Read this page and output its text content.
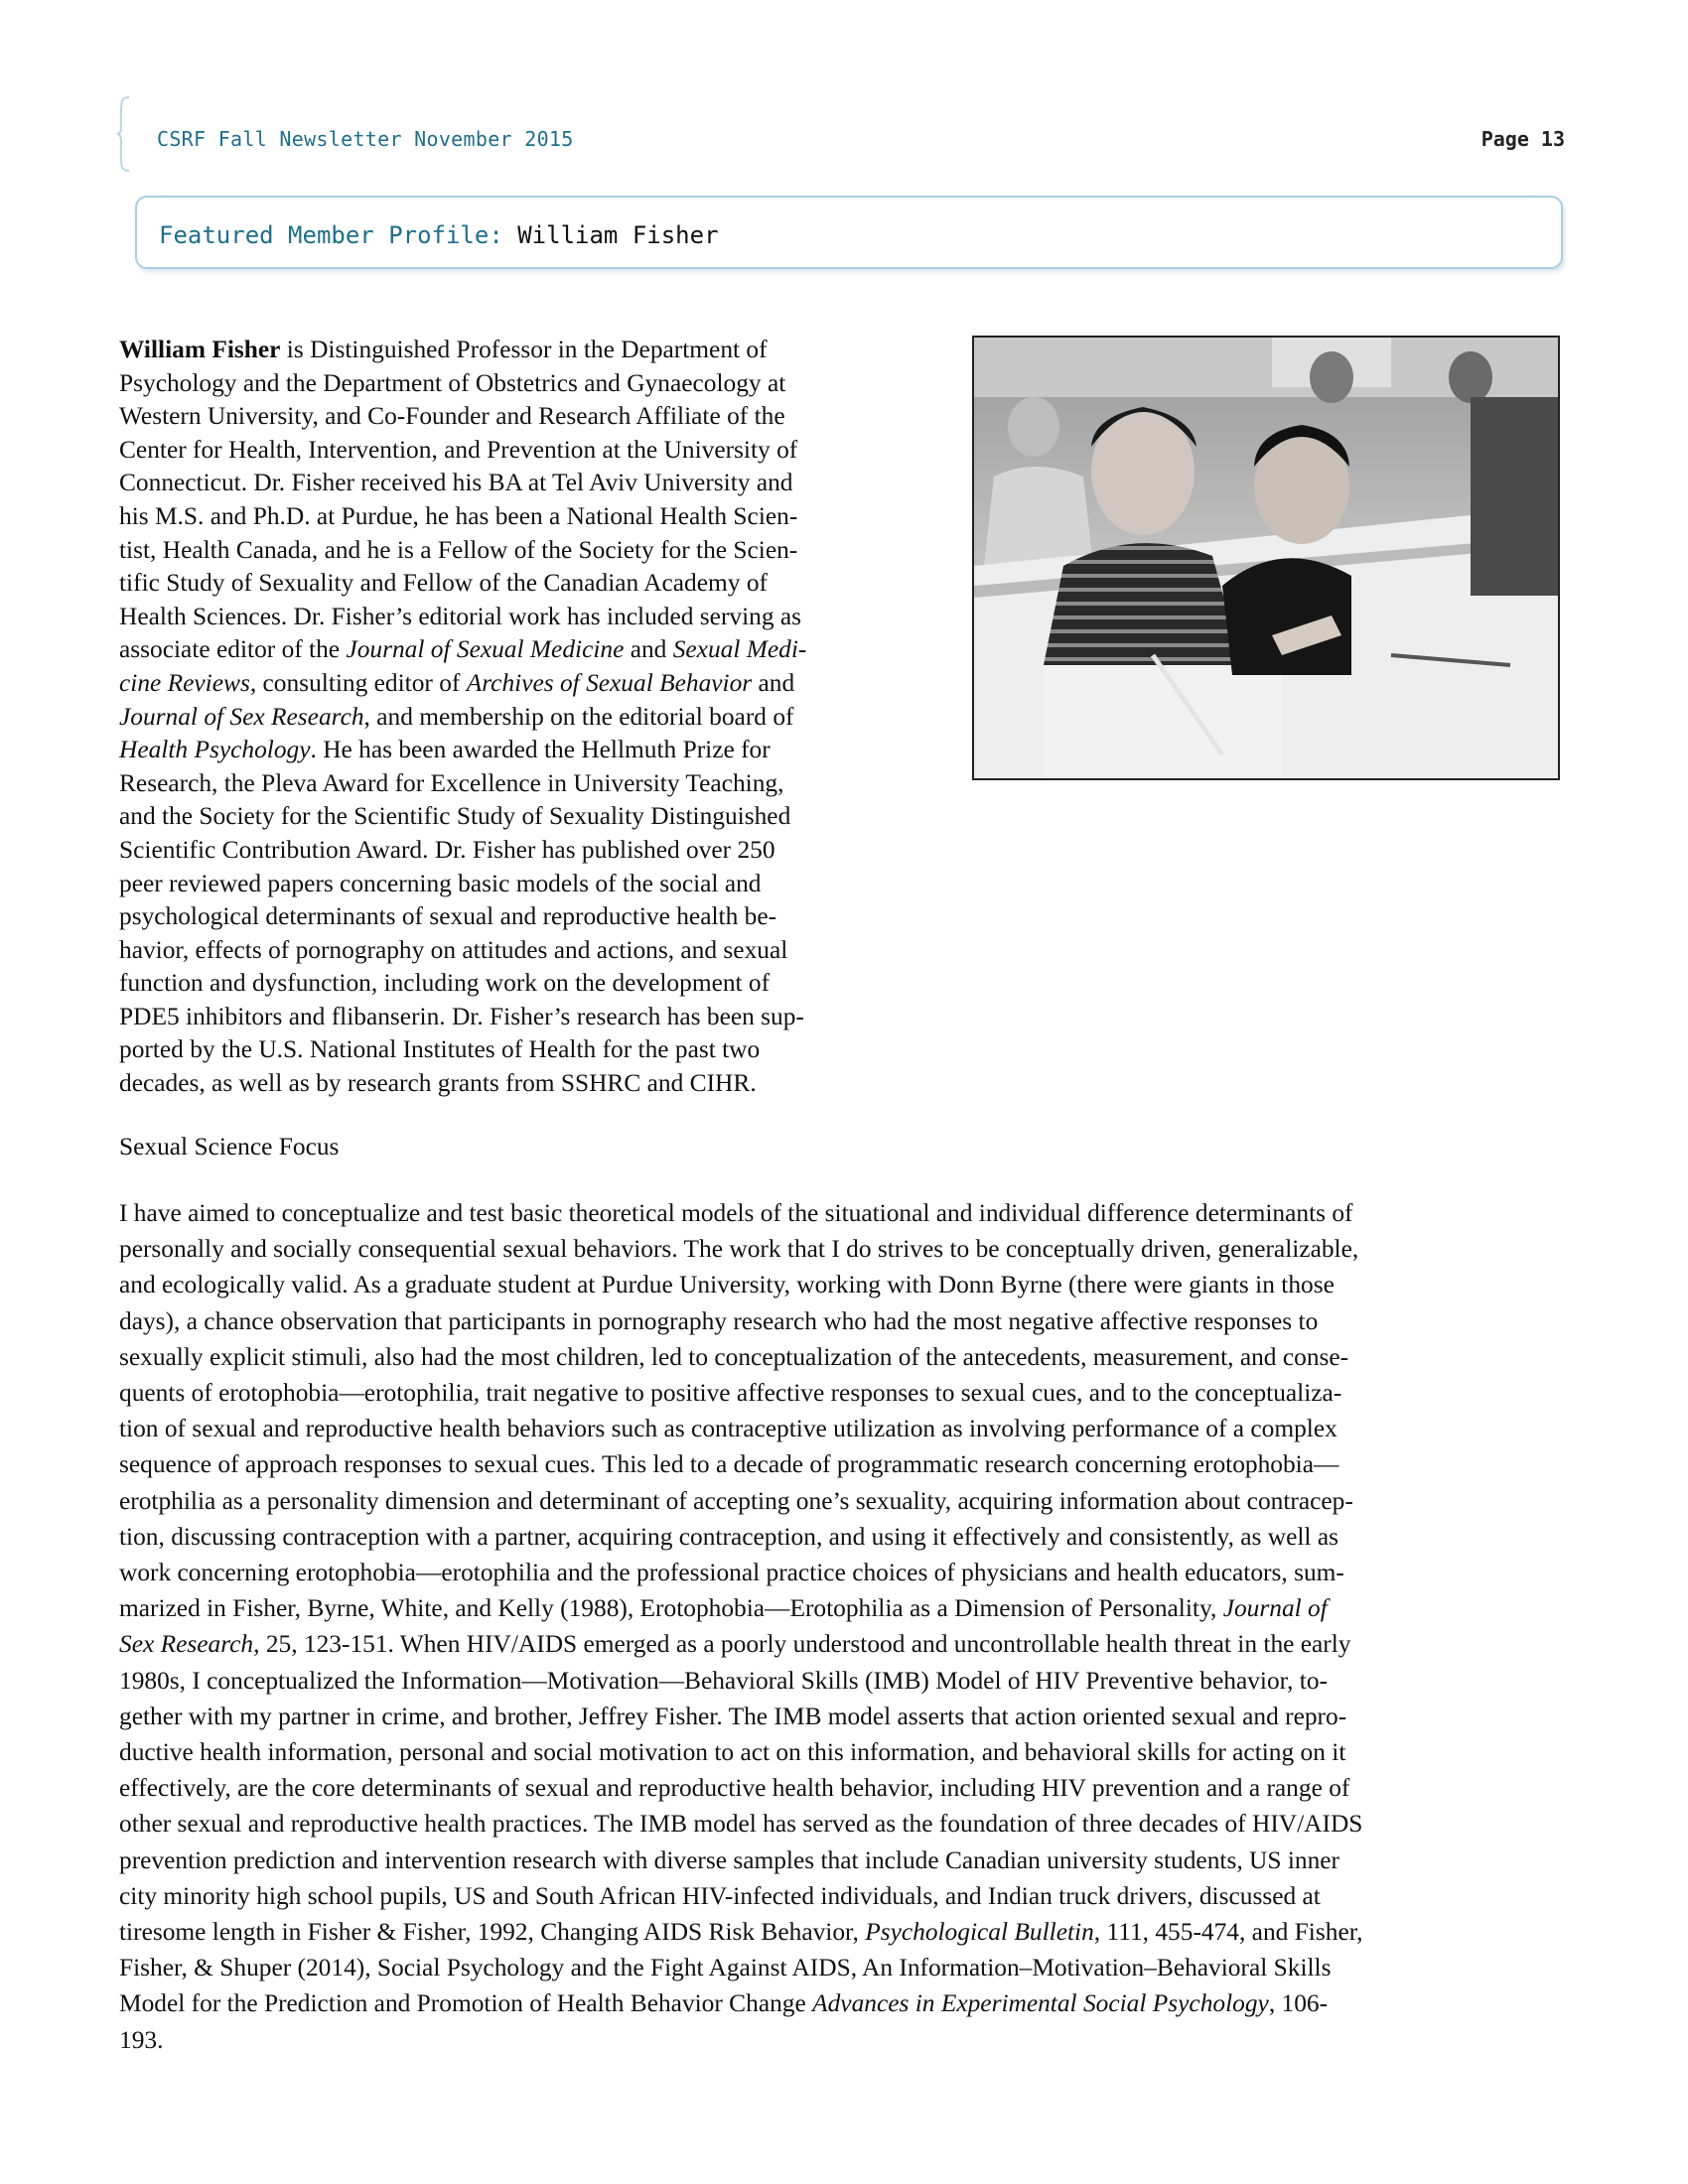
CSRF Fall Newsletter November 2015	Page 13
Featured Member Profile: William Fisher

William Fisher is Distinguished Professor in the Department of
Psychology and the Department of Obstetrics and Gynaecology at
Western University, and Co-Founder and Research Affiliate of the
Center for Health, Intervention, and Prevention at the University of
Connecticut. Dr. Fisher received his BA at Tel Aviv University and
his M.S. and Ph.D. at Purdue, he has been a National Health Scien-
tist, Health Canada, and he is a Fellow of the Society for the Scien-
tific Study of Sexuality and Fellow of the Canadian Academy of
Health Sciences. Dr. Fisher’s editorial work has included serving as
associate editor of the Journal of Sexual Medicine and Sexual Medi-
cine Reviews, consulting editor of Archives of Sexual Behavior and
Journal of Sex Research, and membership on the editorial board of
Health Psychology. He has been awarded the Hellmuth Prize for
Research, the Pleva Award for Excellence in University Teaching,
and the Society for the Scientific Study of Sexuality Distinguished
Scientific Contribution Award. Dr. Fisher has published over 250
peer reviewed papers concerning basic models of the social and
psychological determinants of sexual and reproductive health be-
havior, effects of pornography on attitudes and actions, and sexual
function and dysfunction, including work on the development of
PDE5 inhibitors and flibanserin. Dr. Fisher’s research has been sup-
ported by the U.S. National Institutes of Health for the past two
decades, as well as by research grants from SSHRC and CIHR.

Sexual Science Focus

I have aimed to conceptualize and test basic theoretical models of the situational and individual difference determinants of
personally and socially consequential sexual behaviors. The work that I do strives to be conceptually driven, generalizable,
and ecologically valid. As a graduate student at Purdue University, working with Donn Byrne (there were giants in those
days), a chance observation that participants in pornography research who had the most negative affective responses to
sexually explicit stimuli, also had the most children, led to conceptualization of the antecedents, measurement, and conse-
quents of erotophobia—erotophilia, trait negative to positive affective responses to sexual cues, and to the conceptualiza-
tion of sexual and reproductive health behaviors such as contraceptive utilization as involving performance of a complex
sequence of approach responses to sexual cues. This led to a decade of programmatic research concerning erotophobia—
erotphilia as a personality dimension and determinant of accepting one’s sexuality, acquiring information about contracep-
tion, discussing contraception with a partner, acquiring contraception, and using it effectively and consistently, as well as
work concerning erotophobia—erotophilia and the professional practice choices of physicians and health educators, sum-
marized in Fisher, Byrne, White, and Kelly (1988), Erotophobia—Erotophilia as a Dimension of Personality, Journal of
Sex Research, 25, 123-151. When HIV/AIDS emerged as a poorly understood and uncontrollable health threat in the early
1980s, I conceptualized the Information—Motivation—Behavioral Skills (IMB) Model of HIV Preventive behavior, to-
gether with my partner in crime, and brother, Jeffrey Fisher. The IMB model asserts that action oriented sexual and repro-
ductive health information, personal and social motivation to act on this information, and behavioral skills for acting on it
effectively, are the core determinants of sexual and reproductive health behavior, including HIV prevention and a range of
other sexual and reproductive health practices. The IMB model has served as the foundation of three decades of HIV/AIDS
prevention prediction and intervention research with diverse samples that include Canadian university students, US inner
city minority high school pupils, US and South African HIV-infected individuals, and Indian truck drivers, discussed at
tiresome length in Fisher & Fisher, 1992, Changing AIDS Risk Behavior, Psychological Bulletin, 111, 455-474, and Fisher,
Fisher, & Shuper (2014), Social Psychology and the Fight Against AIDS, An Information–Motivation–Behavioral Skills
Model for the Prediction and Promotion of Health Behavior Change Advances in Experimental Social Psychology, 106-
193.
